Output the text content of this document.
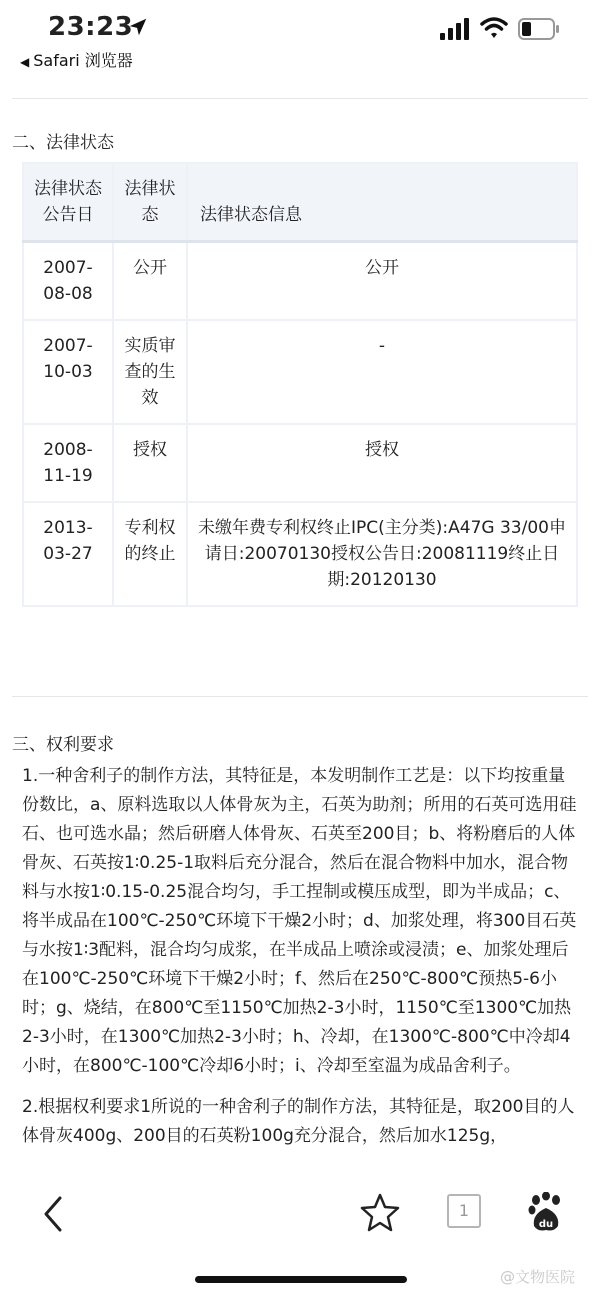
23:23
◀ Safari 浏览器
二、法律状态
法律状态公告日	法律状态	法律状态信息
2007-08-08	公开	公开
2007-10-03	实质审查的生效	-
2008-11-19	授权	授权
2013-03-27	专利权的终止	未缴年费专利权终止IPC(主分类):A47G 33/00申请日:20070130授权公告日:20081119终止日期:20120130
三、权利要求

1.一种舍利子的制作方法，其特征是，本发明制作工艺是：以下均按重量份数比，a、原料选取以人体骨灰为主，石英为助剂；所用的石英可选用硅石、也可选水晶；然后研磨人体骨灰、石英至200目；b、将粉磨后的人体骨灰、石英按1∶0.25-1取料后充分混合，然后在混合物料中加水，混合物料与水按1∶0.15-0.25混合均匀，手工捏制或模压成型，即为半成品；c、将半成品在100℃-250℃环境下干燥2小时；d、加浆处理，将300目石英与水按1∶3配料，混合均匀成浆，在半成品上喷涂或浸渍；e、加浆处理后在100℃-250℃环境下干燥2小时；f、然后在250℃-800℃预热5-6小时；g、烧结，在800℃至1150℃加热2-3小时，1150℃至1300℃加热2-3小时，在1300℃加热2-3小时；h、冷却，在1300℃-800℃中冷却4小时，在800℃-100℃冷却6小时；i、冷却至室温为成品舍利子。

2.根据权利要求1所说的一种舍利子的制作方法，其特征是，取200目的人体骨灰400g、200目的石英粉100g充分混合，然后加水125g，

1
du
@文物医院
